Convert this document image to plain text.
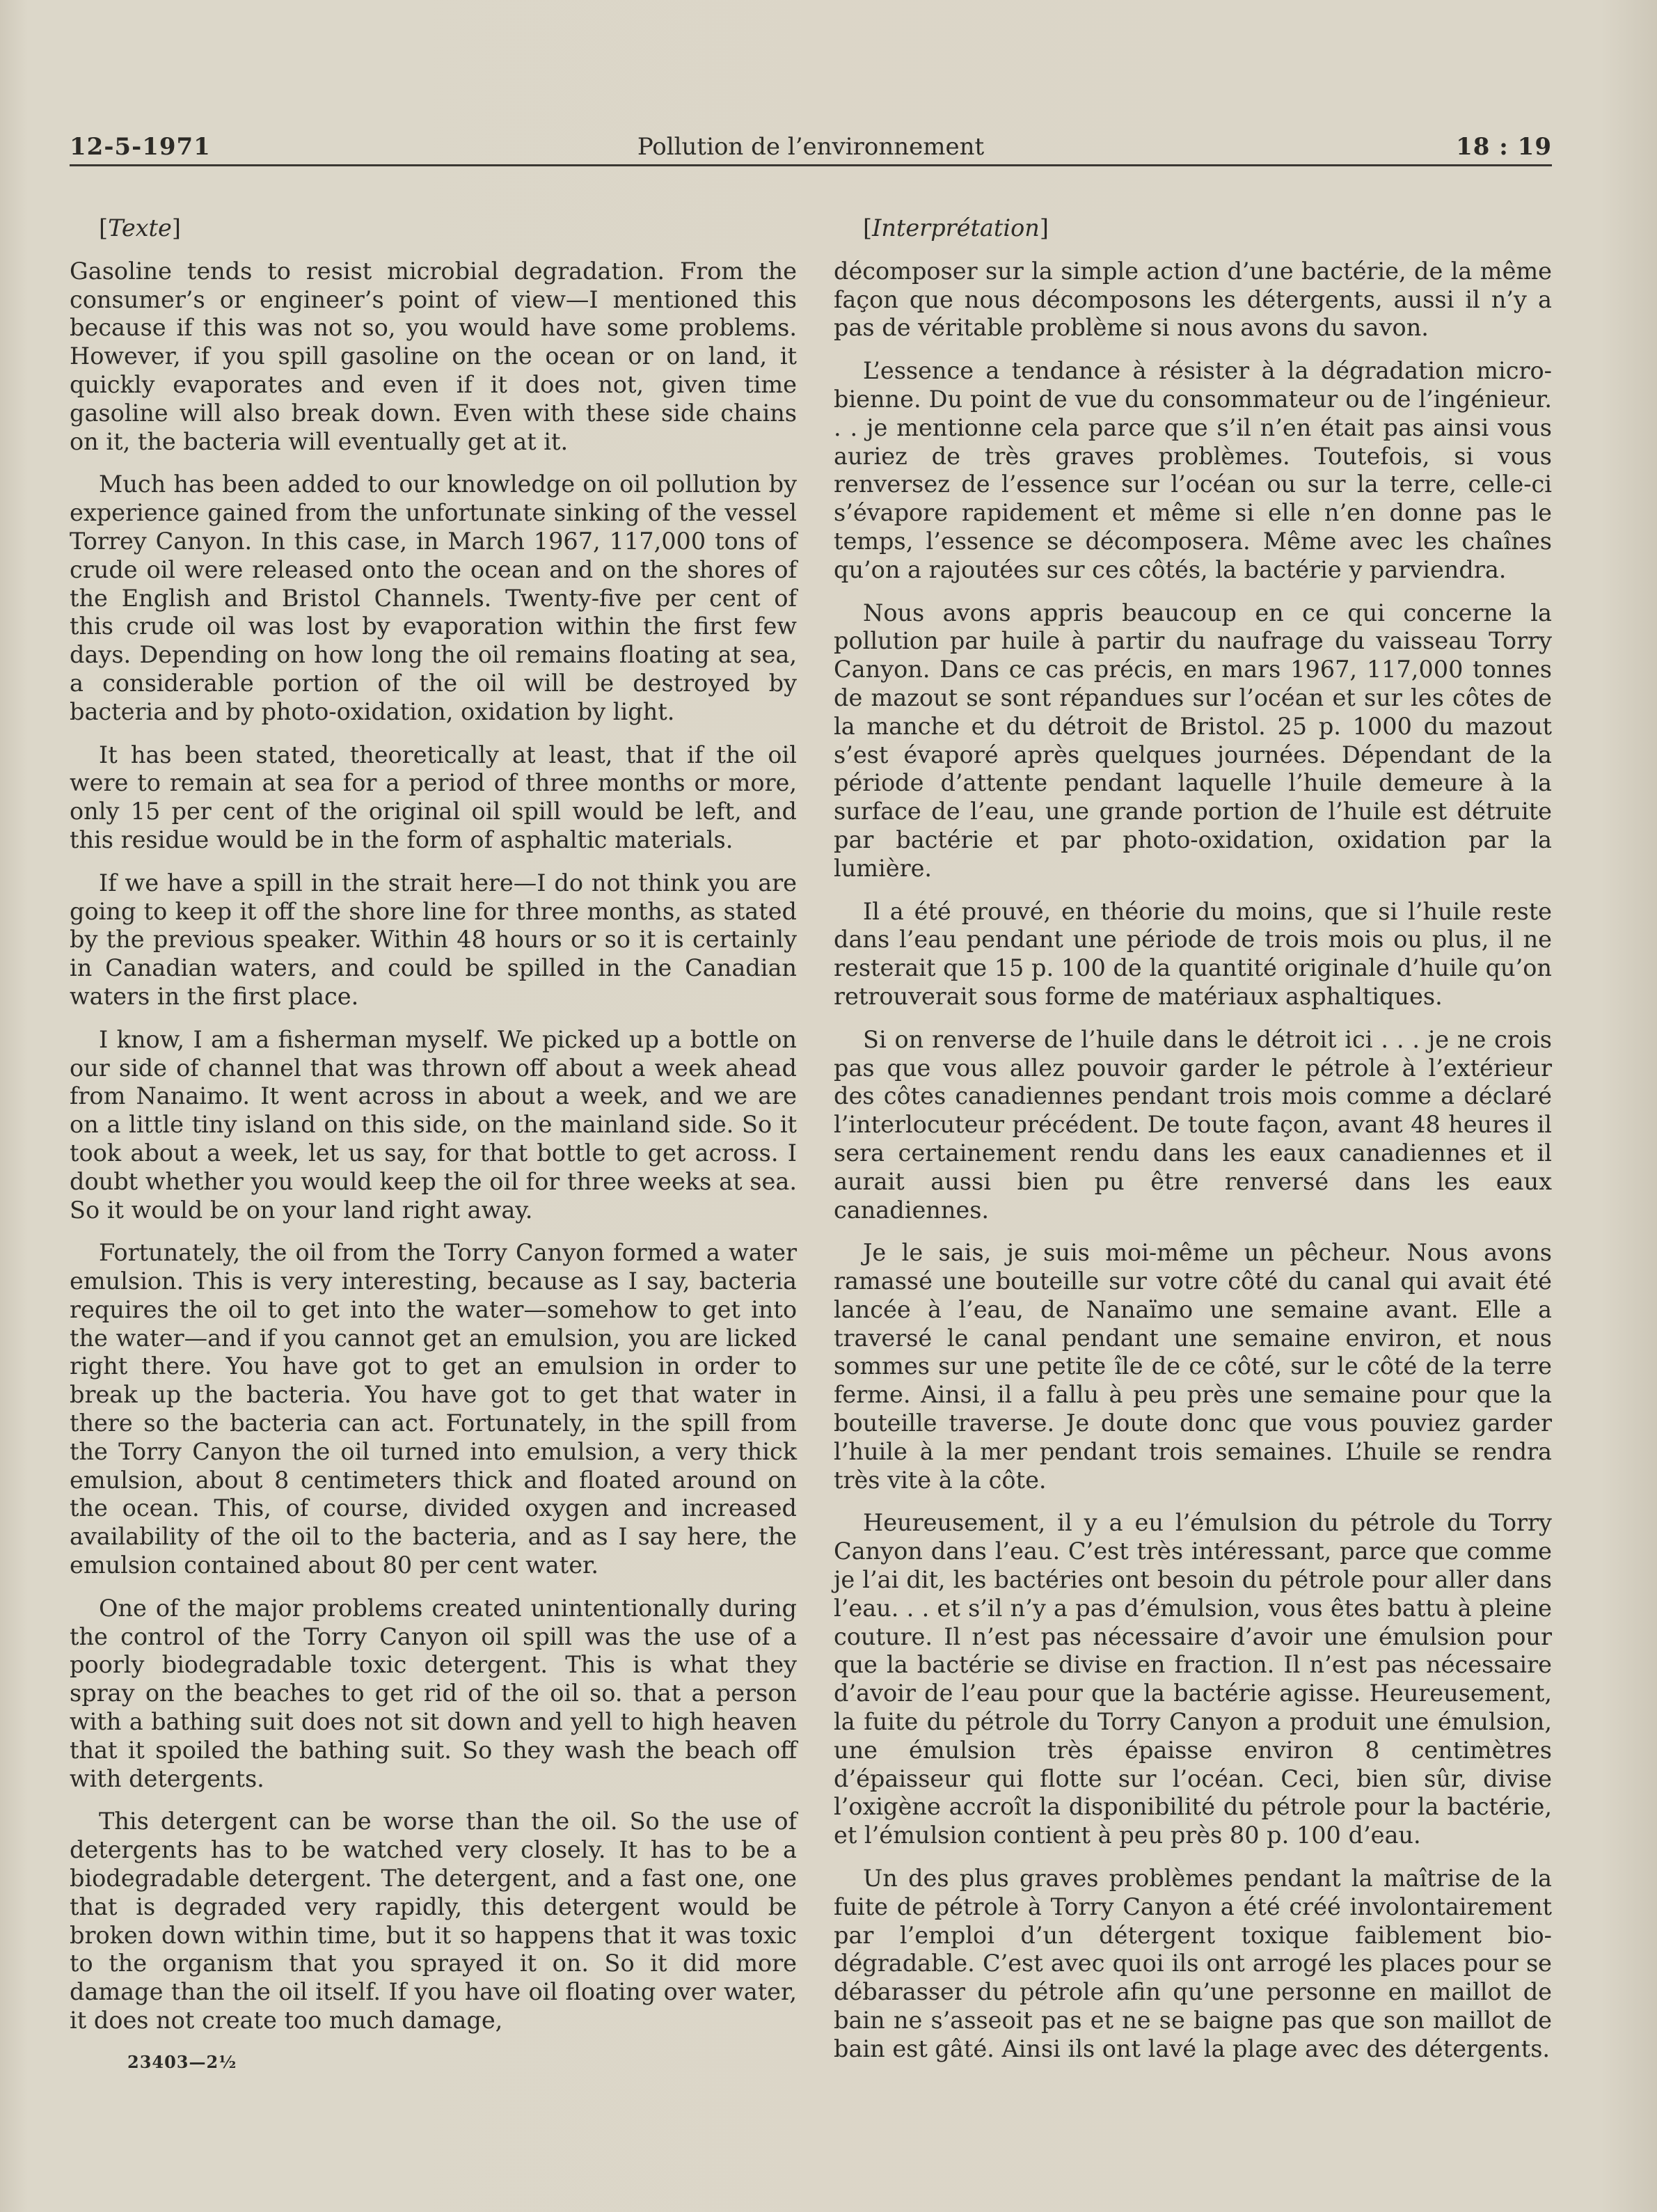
12-5-1971	Pollution de l’environnement	18 : 19

[Texte]

Gasoline tends to resist microbial degradation. From the consumer’s or engineer’s point of view—I mentioned this because if this was not so, you would have some problems. However, if you spill gasoline on the ocean or on land, it quickly evaporates and even if it does not, given time gasoline will also break down. Even with these side chains on it, the bacteria will eventually get at it.

Much has been added to our knowledge on oil pollution by experience gained from the unfortunate sinking of the vessel Torrey Canyon. In this case, in March 1967, 117,000 tons of crude oil were released onto the ocean and on the shores of the English and Bristol Channels. Twenty-five per cent of this crude oil was lost by evaporation within the first few days. Depending on how long the oil remains floating at sea, a considerable portion of the oil will be destroyed by bacteria and by photo-oxidation, oxidation by light.

It has been stated, theoretically at least, that if the oil were to remain at sea for a period of three months or more, only 15 per cent of the original oil spill would be left, and this residue would be in the form of asphaltic materials.

If we have a spill in the strait here—I do not think you are going to keep it off the shore line for three months, as stated by the previous speaker. Within 48 hours or so it is certainly in Canadian waters, and could be spilled in the Canadian waters in the first place.

I know, I am a fisherman myself. We picked up a bottle on our side of channel that was thrown off about a week ahead from Nanaimo. It went across in about a week, and we are on a little tiny island on this side, on the mainland side. So it took about a week, let us say, for that bottle to get across. I doubt whether you would keep the oil for three weeks at sea. So it would be on your land right away.

Fortunately, the oil from the Torry Canyon formed a water emulsion. This is very interesting, because as I say, bacteria requires the oil to get into the water—somehow to get into the water—and if you cannot get an emulsion, you are licked right there. You have got to get an emulsion in order to break up the bacteria. You have got to get that water in there so the bacteria can act. Fortunately, in the spill from the Torry Canyon the oil turned into emulsion, a very thick emulsion, about 8 centimeters thick and floated around on the ocean. This, of course, divided oxygen and increased availability of the oil to the bacteria, and as I say here, the emulsion contained about 80 per cent water.

One of the major problems created unintentionally during the control of the Torry Canyon oil spill was the use of a poorly biodegradable toxic detergent. This is what they spray on the beaches to get rid of the oil so. that a person with a bathing suit does not sit down and yell to high heaven that it spoiled the bathing suit. So they wash the beach off with detergents.

This detergent can be worse than the oil. So the use of detergents has to be watched very closely. It has to be a biodegradable detergent. The detergent, and a fast one, one that is degraded very rapidly, this detergent would be broken down within time, but it so happens that it was toxic to the organism that you sprayed it on. So it did more damage than the oil itself. If you have oil floating over water, it does not create too much damage,

[Interprétation]

décomposer sur la simple action d’une bactérie, de la même façon que nous décomposons les détergents, aussi il n’y a pas de véritable problème si nous avons du savon.

L’essence a tendance à résister à la dégradation microbienne. Du point de vue du consommateur ou de l’ingénieur. . . je mentionne cela parce que s’il n’en était pas ainsi vous auriez de très graves problèmes. Toutefois, si vous renversez de l’essence sur l’océan ou sur la terre, celle-ci s’évapore rapidement et même si elle n’en donne pas le temps, l’essence se décomposera. Même avec les chaînes qu’on a rajoutées sur ces côtés, la bactérie y parviendra.

Nous avons appris beaucoup en ce qui concerne la pollution par huile à partir du naufrage du vaisseau Torry Canyon. Dans ce cas précis, en mars 1967, 117,000 tonnes de mazout se sont répandues sur l’océan et sur les côtes de la manche et du détroit de Bristol. 25 p. 1000 du mazout s’est évaporé après quelques journées. Dépendant de la période d’attente pendant laquelle l’huile demeure à la surface de l’eau, une grande portion de l’huile est détruite par bactérie et par photo-oxidation, oxidation par la lumière.

Il a été prouvé, en théorie du moins, que si l’huile reste dans l’eau pendant une période de trois mois ou plus, il ne resterait que 15 p. 100 de la quantité originale d’huile qu’on retrouverait sous forme de matériaux asphaltiques.

Si on renverse de l’huile dans le détroit ici . . . je ne crois pas que vous allez pouvoir garder le pétrole à l’extérieur des côtes canadiennes pendant trois mois comme a déclaré l’interlocuteur précédent. De toute façon, avant 48 heures il sera certainement rendu dans les eaux canadiennes et il aurait aussi bien pu être renversé dans les eaux canadiennes.

Je le sais, je suis moi-même un pêcheur. Nous avons ramassé une bouteille sur votre côté du canal qui avait été lancée à l’eau, de Nanaïmo une semaine avant. Elle a traversé le canal pendant une semaine environ, et nous sommes sur une petite île de ce côté, sur le côté de la terre ferme. Ainsi, il a fallu à peu près une semaine pour que la bouteille traverse. Je doute donc que vous pouviez garder l’huile à la mer pendant trois semaines. L’huile se rendra très vite à la côte.

Heureusement, il y a eu l’émulsion du pétrole du Torry Canyon dans l’eau. C’est très intéressant, parce que comme je l’ai dit, les bactéries ont besoin du pétrole pour aller dans l’eau. . . et s’il n’y a pas d’émulsion, vous êtes battu à pleine couture. Il n’est pas nécessaire d’avoir une émulsion pour que la bactérie se divise en fraction. Il n’est pas nécessaire d’avoir de l’eau pour que la bactérie agisse. Heureusement, la fuite du pétrole du Torry Canyon a produit une émulsion, une émulsion très épaisse environ 8 centimètres d’épaisseur qui flotte sur l’océan. Ceci, bien sûr, divise l’oxigène accroît la disponibilité du pétrole pour la bactérie, et l’émulsion contient à peu près 80 p. 100 d’eau.

Un des plus graves problèmes pendant la maîtrise de la fuite de pétrole à Torry Canyon a été créé involontairement par l’emploi d’un détergent toxique faiblement biodégradable. C’est avec quoi ils ont arrogé les places pour se débarasser du pétrole afin qu’une personne en maillot de bain ne s’asseoit pas et ne se baigne pas que son maillot de bain est gâté. Ainsi ils ont lavé la plage avec des détergents.

23403—2½
